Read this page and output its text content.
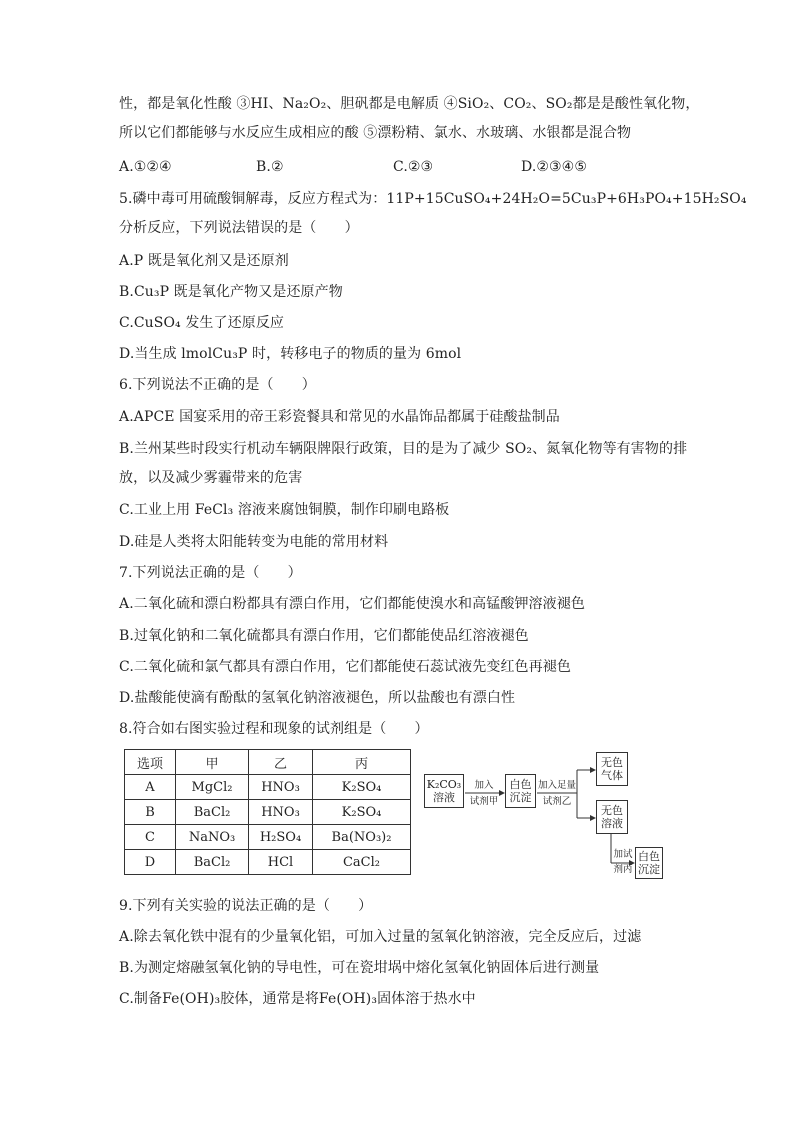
性，都是氧化性酸 ③HI、Na₂O₂、胆矾都是电解质 ④SiO₂、CO₂、SO₂都是是酸性氧化物，
所以它们都能够与水反应生成相应的酸 ⑤漂粉精、氯水、水玻璃、水银都是混合物
A.①②④	B.②	C.②③	D.②③④⑤
5.磷中毒可用硫酸铜解毒，反应方程式为：11P+15CuSO₄+24H₂O=5Cu₃P+6H₃PO₄+15H₂SO₄
分析反应，下列说法错误的是（　　）
A.P 既是氧化剂又是还原剂
B.Cu₃P 既是氧化产物又是还原产物
C.CuSO₄ 发生了还原反应
D.当生成 lmolCu₃P 时，转移电子的物质的量为 6mol
6.下列说法不正确的是（　　）
A.APCE 国宴采用的帝王彩瓷餐具和常见的水晶饰品都属于硅酸盐制品
B.兰州某些时段实行机动车辆限牌限行政策，目的是为了减少 SO₂、氮氧化物等有害物的排
放，以及减少雾霾带来的危害
C.工业上用 FeCl₃ 溶液来腐蚀铜膜，制作印刷电路板
D.硅是人类将太阳能转变为电能的常用材料
7.下列说法正确的是（　　）
A.二氧化硫和漂白粉都具有漂白作用，它们都能使溴水和高锰酸钾溶液褪色
B.过氧化钠和二氧化硫都具有漂白作用，它们都能使品红溶液褪色
C.二氧化硫和氯气都具有漂白作用，它们都能使石蕊试液先变红色再褪色
D.盐酸能使滴有酚酞的氢氧化钠溶液褪色，所以盐酸也有漂白性
8.符合如右图实验过程和现象的试剂组是（　　）
选项	甲	乙	丙
A	MgCl₂	HNO₃	K₂SO₄
B	BaCl₂	HNO₃	K₂SO₄
C	NaNO₃	H₂SO₄	Ba(NO₃)₂
D	BaCl₂	HCl	CaCl₂
K₂CO₃
溶液
加入
试剂甲
白色
沉淀
加入足量
试剂乙
无色
气体
无色
溶液
加试
剂丙
白色
沉淀
9.下列有关实验的说法正确的是（　　）
A.除去氧化铁中混有的少量氧化铝，可加入过量的氢氧化钠溶液，完全反应后，过滤
B.为测定熔融氢氧化钠的导电性，可在瓷坩埚中熔化氢氧化钠固体后进行测量
C.制备Fe(OH)₃胶体，通常是将Fe(OH)₃固体溶于热水中
